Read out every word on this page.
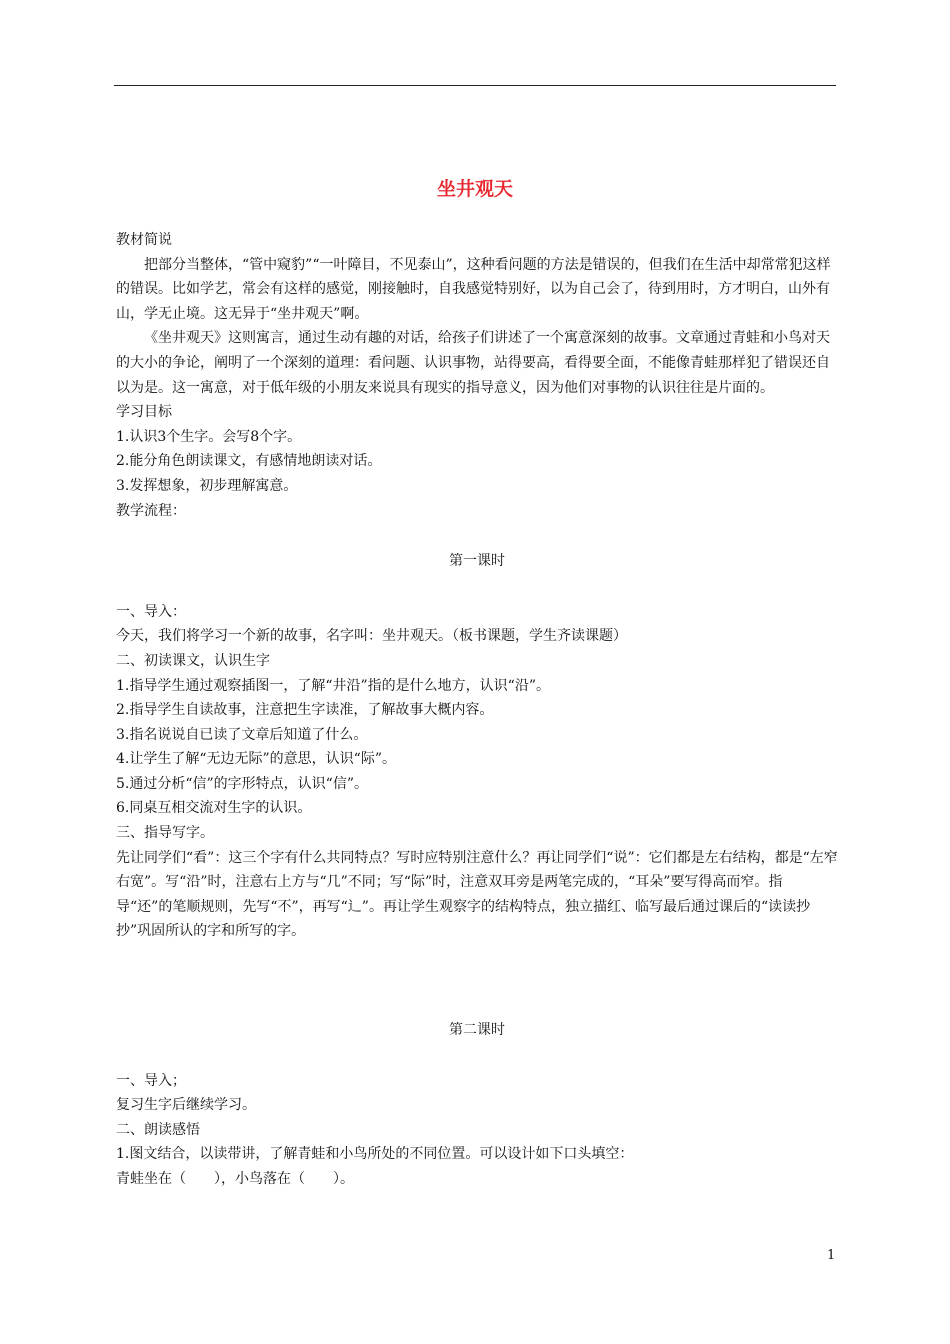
坐井观天

教材简说

把部分当整体，“管中窥豹”“一叶障目，不见泰山”，这种看问题的方法是错误的，但我们在生活中却常常犯这样的错误。比如学艺，常会有这样的感觉，刚接触时，自我感觉特别好，以为自己会了，待到用时，方才明白，山外有山，学无止境。这无异于“坐井观天”啊。

《坐井观天》这则寓言，通过生动有趣的对话，给孩子们讲述了一个寓意深刻的故事。文章通过青蛙和小鸟对天的大小的争论，阐明了一个深刻的道理：看问题、认识事物，站得要高，看得要全面，不能像青蛙那样犯了错误还自以为是。这一寓意，对于低年级的小朋友来说具有现实的指导意义，因为他们对事物的认识往往是片面的。

学习目标

1.认识3个生字。会写8个字。

2.能分角色朗读课文，有感情地朗读对话。

3.发挥想象，初步理解寓意。

教学流程：

第一课时

一、导入：

今天，我们将学习一个新的故事，名字叫：坐井观天。（板书课题，学生齐读课题）

二、初读课文，认识生字

1.指导学生通过观察插图一，了解“井沿”指的是什么地方，认识“沿”。

2.指导学生自读故事，注意把生字读准，了解故事大概内容。

3.指名说说自已读了文章后知道了什么。

4.让学生了解“无边无际”的意思，认识“际”。

5.通过分析“信”的字形特点，认识“信”。

6.同桌互相交流对生字的认识。

三、指导写字。

先让同学们“看”：这三个字有什么共同特点？写时应特别注意什么？再让同学们“说”：它们都是左右结构，都是“左窄右宽”。写“沿”时，注意右上方与“几”不同；写“际”时，注意双耳旁是两笔完成的，“耳朵”要写得高而窄。指导“还”的笔顺规则，先写“不”，再写“辶”。再让学生观察字的结构特点，独立描红、临写最后通过课后的“读读抄抄”巩固所认的字和所写的字。

第二课时

一、导入；

复习生字后继续学习。

二、朗读感悟

1.图文结合，以读带讲，了解青蛙和小鸟所处的不同位置。可以设计如下口头填空：

青蛙坐在（　　），小鸟落在（　　）。

1
